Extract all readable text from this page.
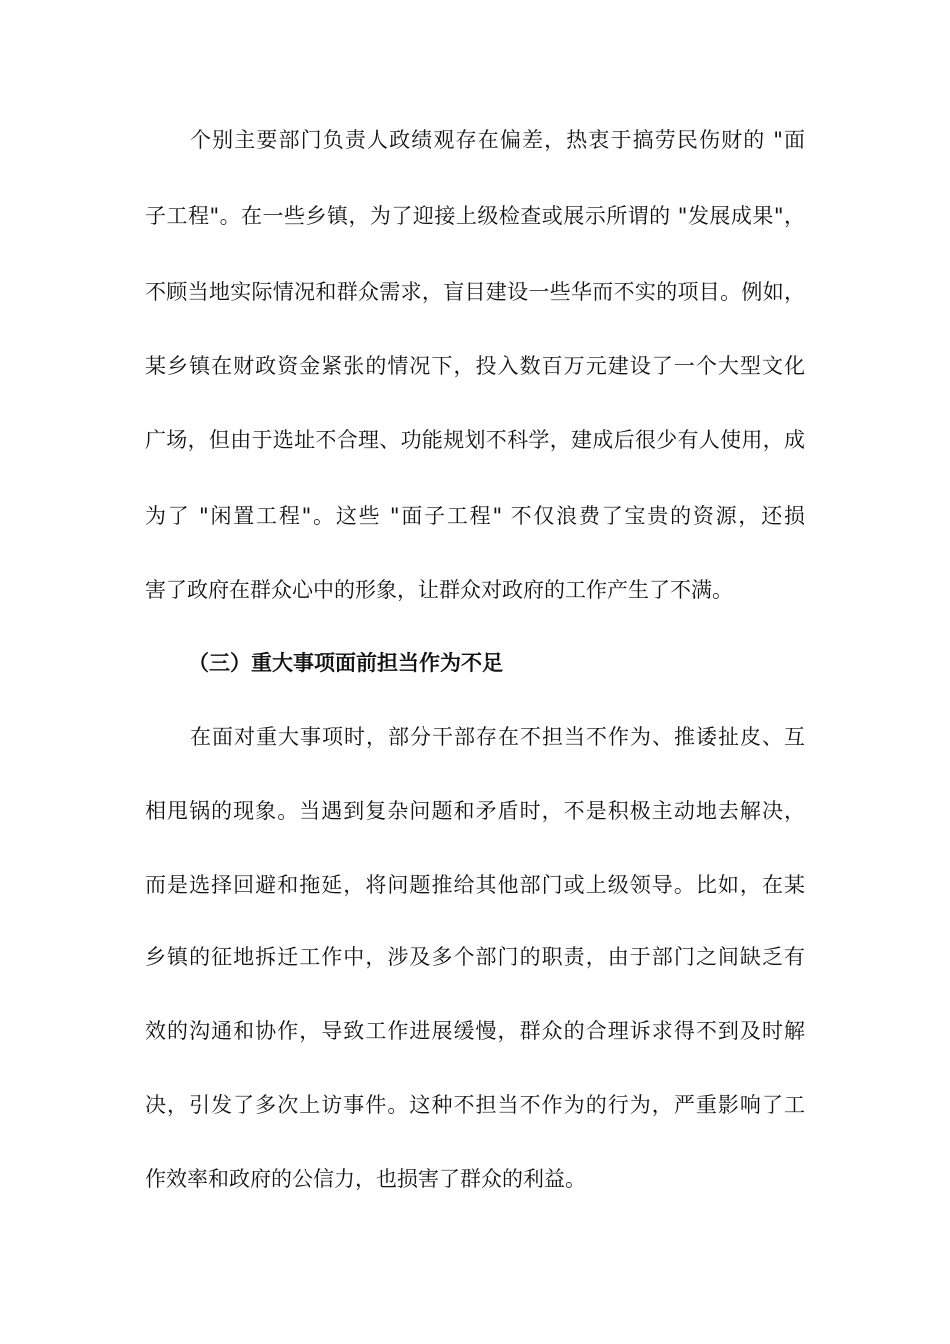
个别主要部门负责人政绩观存在偏差，热衷于搞劳民伤财的 "面
子工程"。在一些乡镇，为了迎接上级检查或展示所谓的 "发展成果"，
不顾当地实际情况和群众需求，盲目建设一些华而不实的项目。例如，
某乡镇在财政资金紧张的情况下，投入数百万元建设了一个大型文化
广场，但由于选址不合理、功能规划不科学，建成后很少有人使用，成
为了 "闲置工程"。这些 "面子工程" 不仅浪费了宝贵的资源，还损
害了政府在群众心中的形象，让群众对政府的工作产生了不满。
（三）重大事项面前担当作为不足
在面对重大事项时，部分干部存在不担当不作为、推诿扯皮、互
相甩锅的现象。当遇到复杂问题和矛盾时，不是积极主动地去解决，
而是选择回避和拖延，将问题推给其他部门或上级领导。比如，在某
乡镇的征地拆迁工作中，涉及多个部门的职责，由于部门之间缺乏有
效的沟通和协作，导致工作进展缓慢，群众的合理诉求得不到及时解
决，引发了多次上访事件。这种不担当不作为的行为，严重影响了工
作效率和政府的公信力，也损害了群众的利益。
